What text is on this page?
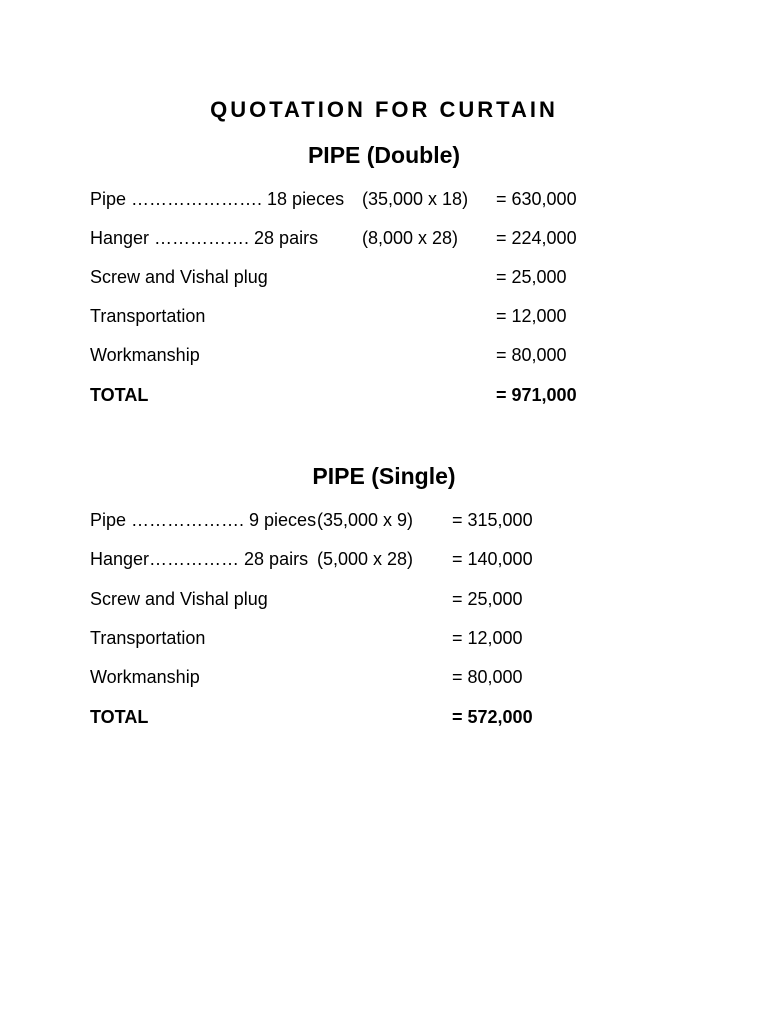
QUOTATION FOR CURTAIN
PIPE (Double)
Pipe …………………. 18 pieces (35,000 x 18) = 630,000
Hanger ……………. 28 pairs (8,000 x 28) = 224,000
Screw and Vishal plug	= 25,000
Transportation	= 12,000
Workmanship	= 80,000
TOTAL	= 971,000
PIPE (Single)
Pipe ………………. 9 pieces (35,000 x 9) = 315,000
Hanger…………… 28 pairs (5,000 x 28) = 140,000
Screw and Vishal plug	= 25,000
Transportation	= 12,000
Workmanship	= 80,000
TOTAL	= 572,000
